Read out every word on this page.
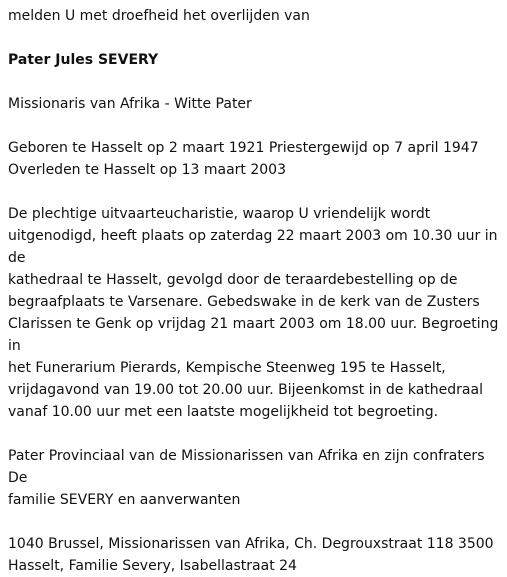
melden U met droefheid het overlijden van

Pater Jules SEVERY

Missionaris van Afrika - Witte Pater

Geboren te Hasselt op 2 maart 1921 Priestergewijd op 7 april 1947
Overleden te Hasselt op 13 maart 2003

De plechtige uitvaarteucharistie, waarop U vriendelijk wordt
uitgenodigd, heeft plaats op zaterdag 22 maart 2003 om 10.30 uur in de
kathedraal te Hasselt, gevolgd door de teraardebestelling op de
begraafplaats te Varsenare. Gebedswake in de kerk van de Zusters
Clarissen te Genk op vrijdag 21 maart 2003 om 18.00 uur. Begroeting in
het Funerarium Pierards, Kempische Steenweg 195 te Hasselt,
vrijdagavond van 19.00 tot 20.00 uur. Bijeenkomst in de kathedraal
vanaf 10.00 uur met een laatste mogelijkheid tot begroeting.

Pater Provinciaal van de Missionarissen van Afrika en zijn confraters De
familie SEVERY en aanverwanten

1040 Brussel, Missionarissen van Afrika, Ch. Degrouxstraat 118 3500
Hasselt, Familie Severy, Isabellastraat 24
